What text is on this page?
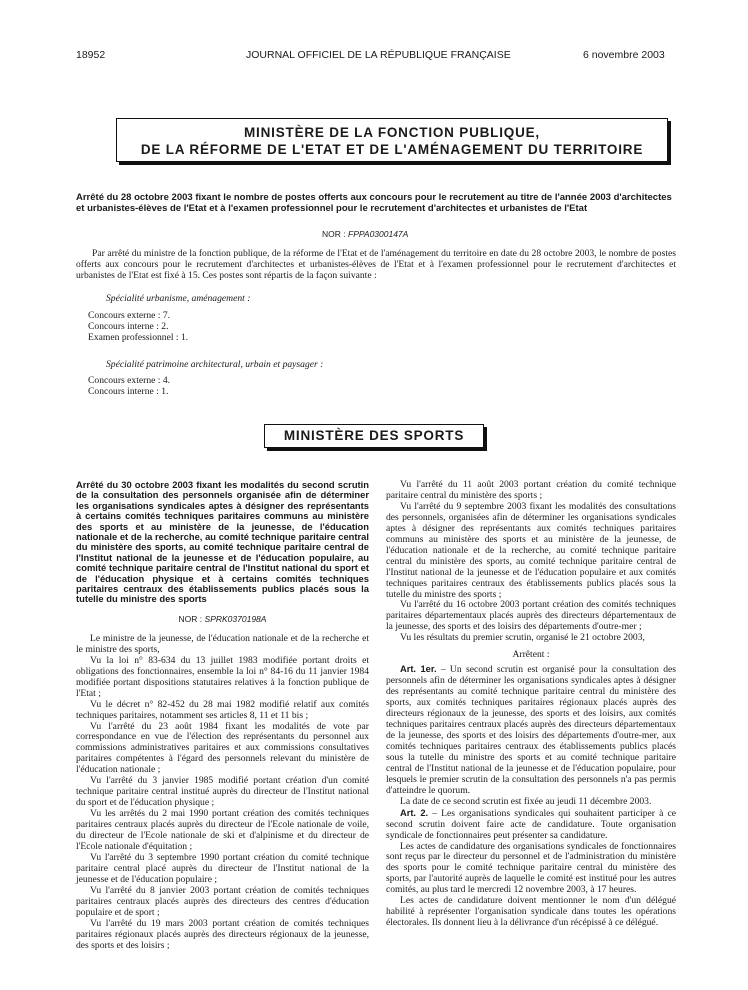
18952	JOURNAL OFFICIEL DE LA RÉPUBLIQUE FRANÇAISE	6 novembre 2003
MINISTÈRE DE LA FONCTION PUBLIQUE,
DE LA RÉFORME DE L'ETAT ET DE L'AMÉNAGEMENT DU TERRITOIRE
Arrêté du 28 octobre 2003 fixant le nombre de postes offerts aux concours pour le recrutement au titre de l'année 2003 d'architectes et urbanistes-élèves de l'Etat et à l'examen professionnel pour le recrutement d'architectes et urbanistes de l'Etat
NOR : FPPA0300147A
Par arrêté du ministre de la fonction publique, de la réforme de l'Etat et de l'aménagement du territoire en date du 28 octobre 2003, le nombre de postes offerts aux concours pour le recrutement d'architectes et urbanistes-élèves de l'Etat et à l'examen professionnel pour le recrutement d'architectes et urbanistes de l'Etat est fixé à 15. Ces postes sont répartis de la façon suivante :
Spécialité urbanisme, aménagement :
Concours externe : 7.
Concours interne : 2.
Examen professionnel : 1.
Spécialité patrimoine architectural, urbain et paysager :
Concours externe : 4.
Concours interne : 1.
MINISTÈRE DES SPORTS
Arrêté du 30 octobre 2003 fixant les modalités du second scrutin de la consultation des personnels organisée afin de déterminer les organisations syndicales aptes à désigner des représentants à certains comités techniques paritaires communs au ministère des sports et au ministère de la jeunesse, de l'éducation nationale et de la recherche, au comité technique paritaire central du ministère des sports, au comité technique paritaire central de l'Institut national de la jeunesse et de l'éducation populaire, au comité technique paritaire central de l'Institut national du sport et de l'éducation physique et à certains comités techniques paritaires centraux des établissements publics placés sous la tutelle du ministre des sports
NOR : SPRK0370198A

Le ministre de la jeunesse, de l'éducation nationale et de la recherche et le ministre des sports,

Vu la loi n° 83-634 du 13 juillet 1983 modifiée portant droits et obligations des fonctionnaires, ensemble la loi n° 84-16 du 11 janvier 1984 modifiée portant dispositions statutaires relatives à la fonction publique de l'Etat ;

Vu le décret n° 82-452 du 28 mai 1982 modifié relatif aux comités techniques paritaires, notamment ses articles 8, 11 et 11 bis ;

Vu l'arrêté du 23 août 1984 fixant les modalités de vote par correspondance en vue de l'élection des représentants du personnel aux commissions administratives paritaires et aux commissions consultatives paritaires compétentes à l'égard des personnels relevant du ministère de l'éducation nationale ;

Vu l'arrêté du 3 janvier 1985 modifié portant création d'un comité technique paritaire central institué auprès du directeur de l'Institut national du sport et de l'éducation physique ;

Vu les arrêtés du 2 mai 1990 portant création des comités techniques paritaires centraux placés auprès du directeur de l'Ecole nationale de voile, du directeur de l'Ecole nationale de ski et d'alpinisme et du directeur de l'Ecole nationale d'équitation ;

Vu l'arrêté du 3 septembre 1990 portant création du comité technique paritaire central placé auprès du directeur de l'Institut national de la jeunesse et de l'éducation populaire ;

Vu l'arrêté du 8 janvier 2003 portant création de comités techniques paritaires centraux placés auprès des directeurs des centres d'éducation populaire et de sport ;

Vu l'arrêté du 19 mars 2003 portant création de comités techniques paritaires régionaux placés auprès des directeurs régionaux de la jeunesse, des sports et des loisirs ;

Vu l'arrêté du 11 août 2003 portant création du comité technique paritaire central du ministère des sports ;

Vu l'arrêté du 9 septembre 2003 fixant les modalités des consultations des personnels, organisées afin de déterminer les organisations syndicales aptes à désigner des représentants aux comités techniques paritaires communs au ministère des sports et au ministère de la jeunesse, de l'éducation nationale et de la recherche, au comité technique paritaire central du ministère des sports, au comité technique paritaire central de l'Institut national de la jeunesse et de l'éducation populaire et aux comités techniques paritaires centraux des établissements publics placés sous la tutelle du ministre des sports ;

Vu l'arrêté du 16 octobre 2003 portant création des comités techniques paritaires départementaux placés auprès des directeurs départementaux de la jeunesse, des sports et des loisirs des départements d'outre-mer ;

Vu les résultats du premier scrutin, organisé le 21 octobre 2003,

Arrêtent :

Art. 1er. – Un second scrutin est organisé pour la consultation des personnels afin de déterminer les organisations syndicales aptes à désigner des représentants au comité technique paritaire central du ministère des sports, aux comités techniques paritaires régionaux placés auprès des directeurs régionaux de la jeunesse, des sports et des loisirs, aux comités techniques paritaires centraux placés auprès des directeurs départementaux de la jeunesse, des sports et des loisirs des départements d'outre-mer, aux comités techniques paritaires centraux des établissements publics placés sous la tutelle du ministre des sports et au comité technique paritaire central de l'Institut national de la jeunesse et de l'éducation populaire, pour lesquels le premier scrutin de la consultation des personnels n'a pas permis d'atteindre le quorum.

La date de ce second scrutin est fixée au jeudi 11 décembre 2003.

Art. 2. – Les organisations syndicales qui souhaitent participer à ce second scrutin doivent faire acte de candidature. Toute organisation syndicale de fonctionnaires peut présenter sa candidature.

Les actes de candidature des organisations syndicales de fonctionnaires sont reçus par le directeur du personnel et de l'administration du ministère des sports pour le comité technique paritaire central du ministère des sports, par l'autorité auprès de laquelle le comité est institué pour les autres comités, au plus tard le mercredi 12 novembre 2003, à 17 heures.

Les actes de candidature doivent mentionner le nom d'un délégué habilité à représenter l'organisation syndicale dans toutes les opérations électorales. Ils donnent lieu à la délivrance d'un récépissé à ce délégué.
